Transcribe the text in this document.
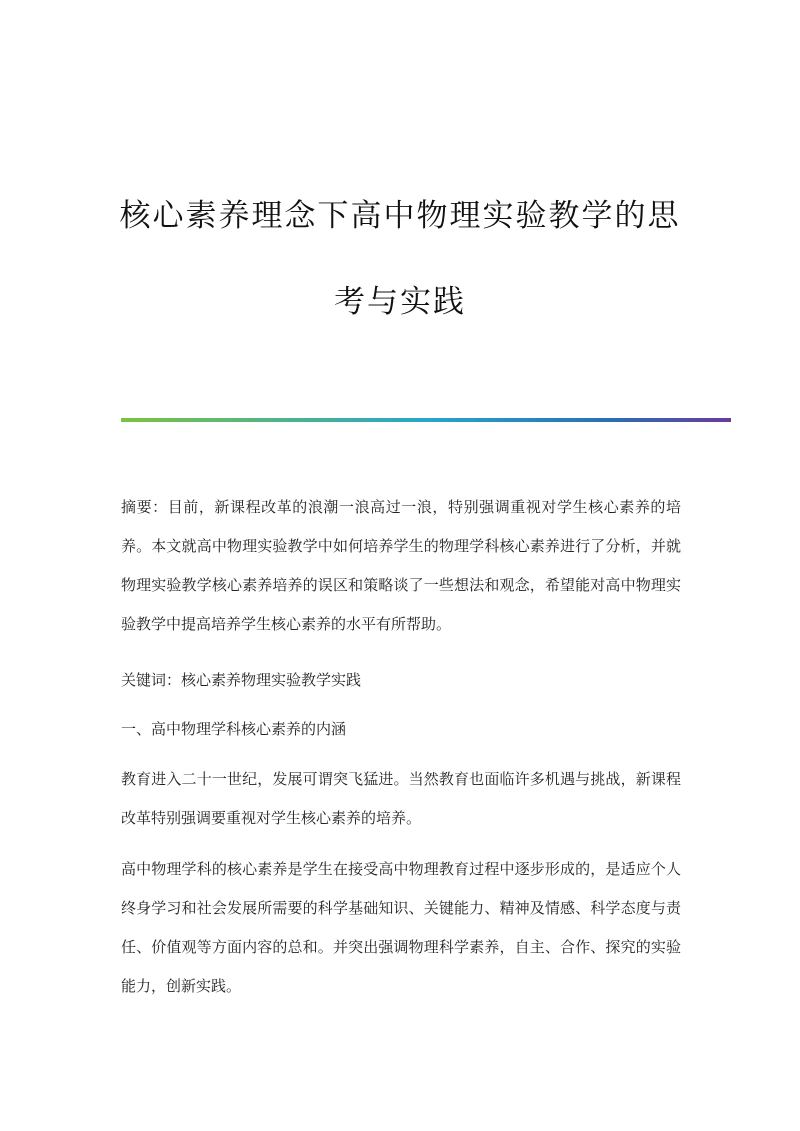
核心素养理念下高中物理实验教学的思
考与实践
摘要：目前，新课程改革的浪潮一浪高过一浪，特别强调重视对学生核心素养的培养。本文就高中物理实验教学中如何培养学生的物理学科核心素养进行了分析，并就物理实验教学核心素养培养的误区和策略谈了一些想法和观念，希望能对高中物理实验教学中提高培养学生核心素养的水平有所帮助。
关键词：核心素养物理实验教学实践
一、高中物理学科核心素养的内涵
教育进入二十一世纪，发展可谓突飞猛进。当然教育也面临许多机遇与挑战，新课程改革特别强调要重视对学生核心素养的培养。
高中物理学科的核心素养是学生在接受高中物理教育过程中逐步形成的，是适应个人终身学习和社会发展所需要的科学基础知识、关键能力、精神及情感、科学态度与责任、价值观等方面内容的总和。并突出强调物理科学素养，自主、合作、探究的实验能力，创新实践。
